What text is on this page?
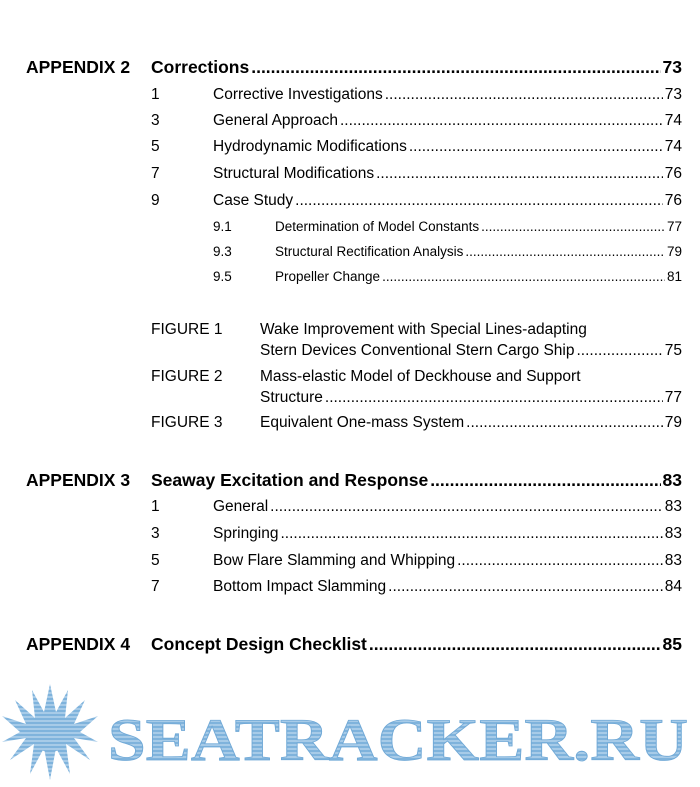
APPENDIX 2 Corrections .....	73
1	Corrective Investigations .....	73
3	General Approach .....	74
5	Hydrodynamic Modifications .....	74
7	Structural Modifications .....	76
9	Case Study .....	76
9.1	Determination of Model Constants .....	77
9.3	Structural Rectification Analysis .....	79
9.5	Propeller Change .....	81
FIGURE 1 Wake Improvement with Special Lines-adapting
Stern Devices Conventional Stern Cargo Ship .....	75
FIGURE 2 Mass-elastic Model of Deckhouse and Support
Structure .....	77
FIGURE 3 Equivalent One-mass System .....	79
APPENDIX 3 Seaway Excitation and Response .....	83
1	General .....	83
3	Springing .....	83
5	Bow Flare Slamming and Whipping .....	83
7	Bottom Impact Slamming .....	84
APPENDIX 4 Concept Design Checklist .....	85
SEATRACKER.RU
